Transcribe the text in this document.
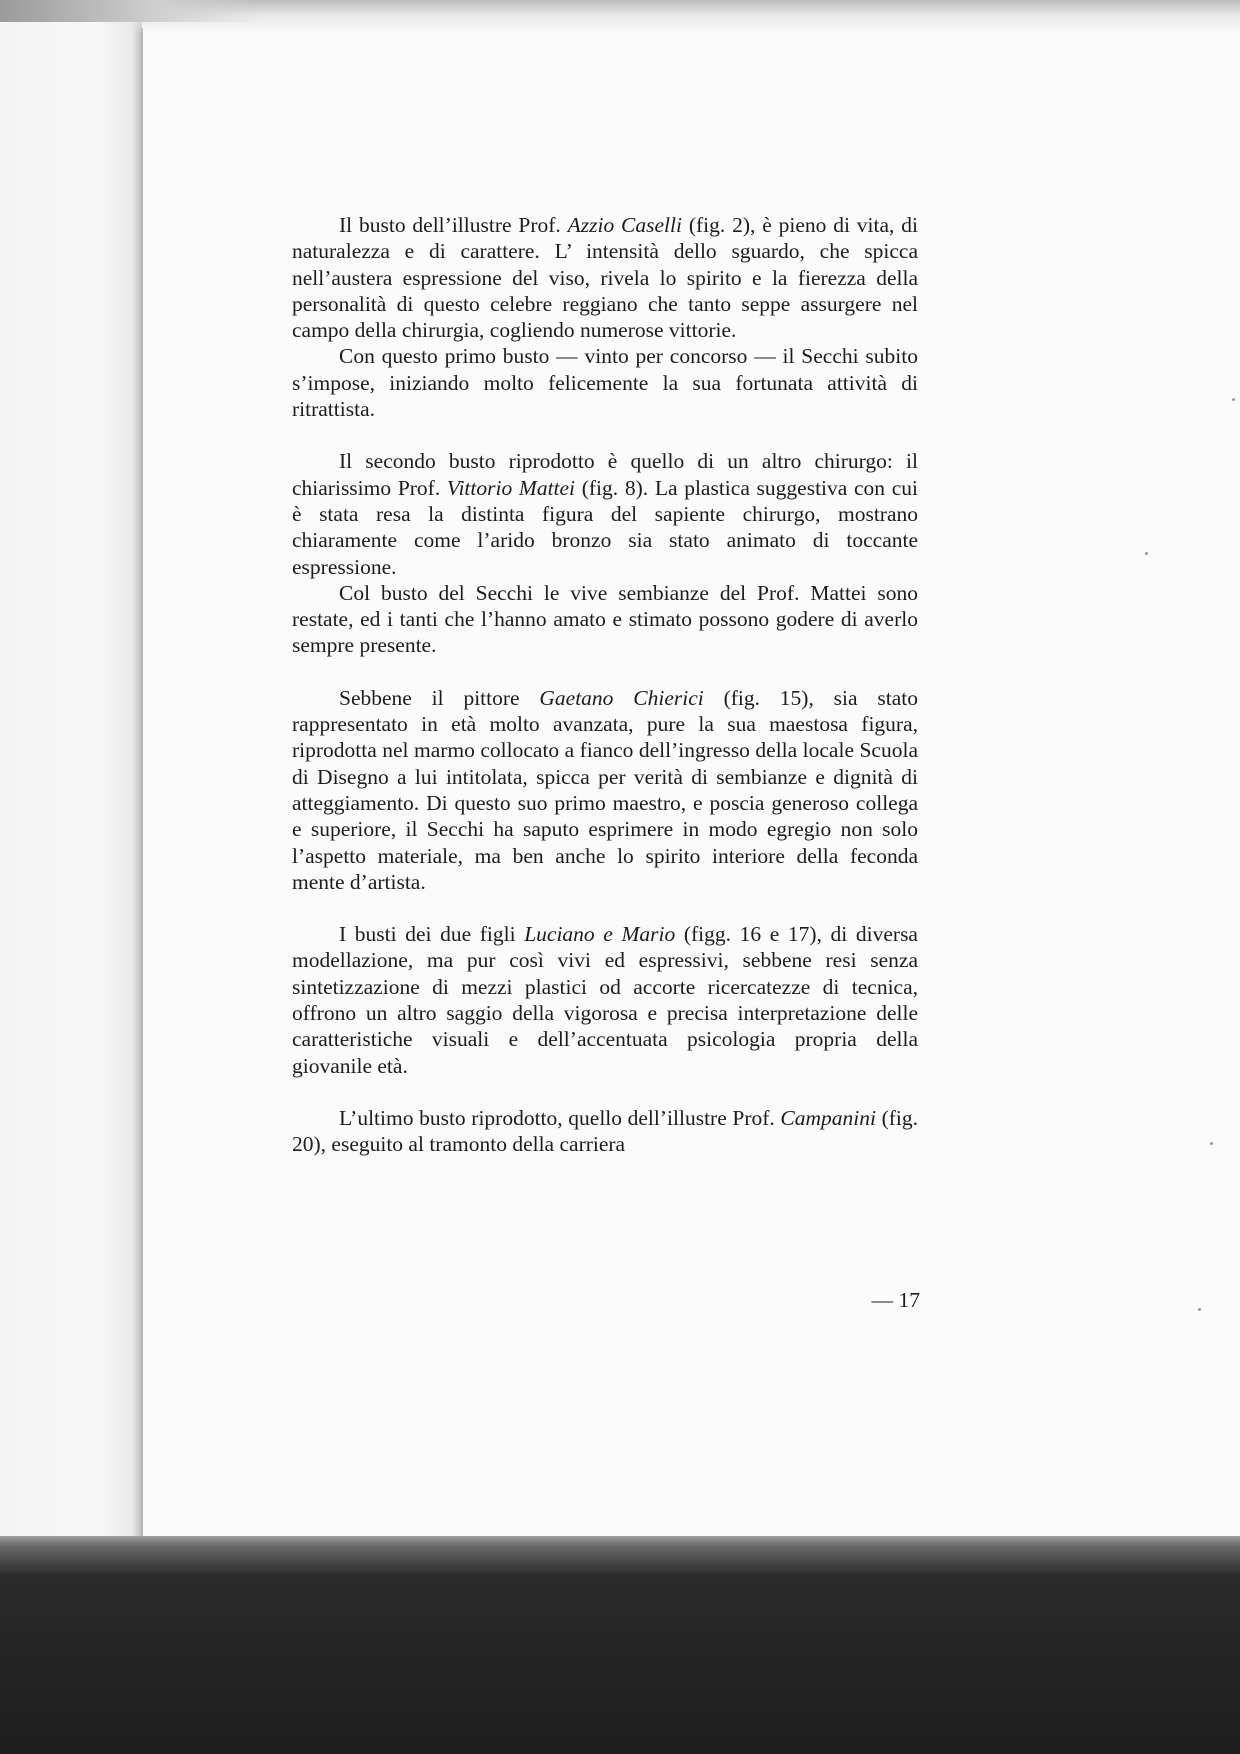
Il busto dell’illustre Prof. Azzio Caselli (fig. 2), è pieno di vita, di naturalezza e di carattere. L’ intensità dello sguardo, che spicca nell’austera espressione del viso, rivela lo spirito e la fierezza della personalità di questo celebre reggiano che tanto seppe assurgere nel campo della chirurgia, cogliendo numerose vittorie.

Con questo primo busto — vinto per concorso — il Secchi subito s’impose, iniziando molto felicemente la sua fortunata attività di ritrattista.

Il secondo busto riprodotto è quello di un altro chirurgo: il chiarissimo Prof. Vittorio Mattei (fig. 8). La plastica suggestiva con cui è stata resa la distinta figura del sapiente chirurgo, mostrano chiaramente come l’arido bronzo sia stato animato di toccante espressione.

Col busto del Secchi le vive sembianze del Prof. Mattei sono restate, ed i tanti che l’hanno amato e stimato possono godere di averlo sempre presente.

Sebbene il pittore Gaetano Chierici (fig. 15), sia stato rappresentato in età molto avanzata, pure la sua maestosa figura, riprodotta nel marmo collocato a fianco dell’ingresso della locale Scuola di Disegno a lui intitolata, spicca per verità di sembianze e dignità di atteggiamento. Di questo suo primo maestro, e poscia generoso collega e superiore, il Secchi ha saputo esprimere in modo egregio non solo l’aspetto materiale, ma ben anche lo spirito interiore della feconda mente d’artista.

I busti dei due figli Luciano e Mario (figg. 16 e 17), di diversa modellazione, ma pur così vivi ed espressivi, sebbene resi senza sintetizzazione di mezzi plastici od accorte ricercatezze di tecnica, offrono un altro saggio della vigorosa e precisa interpretazione delle caratteristiche visuali e dell’accentuata psicologia propria della giovanile età.

L’ultimo busto riprodotto, quello dell’illustre Prof. Campanini (fig. 20), eseguito al tramonto della carriera

— 17
